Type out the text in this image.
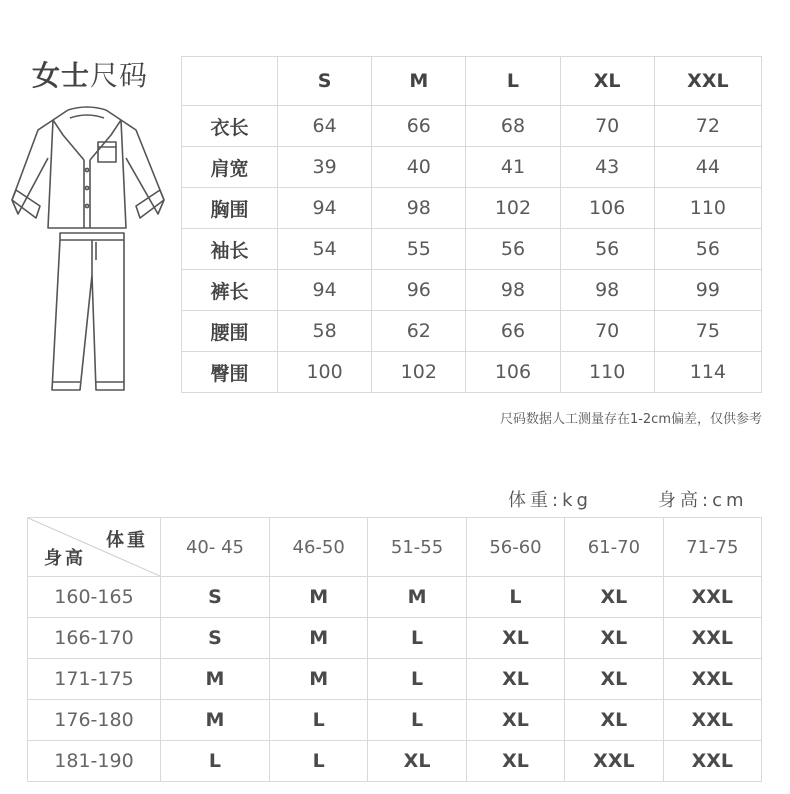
女士尺码
		S	M	L	XL	XXL
衣长	64	66	68	70	72
肩宽	39	40	41	43	44
胸围	94	98	102	106	110
袖长	54	55	56	56	56
裤长	94	96	98	98	99
腰围	58	62	66	70	75
臀围	100	102	106	110	114
尺码数据人工测量存在1-2cm偏差，仅供参考
体重:kg	身高:cm
体重
身高	40- 45	46-50	51-55	56-60	61-70	71-75
160-165	S	M	M	L	XL	XXL
166-170	S	M	L	XL	XL	XXL
171-175	M	M	L	XL	XL	XXL
176-180	M	L	L	XL	XL	XXL
181-190	L	L	XL	XL	XXL	XXL
